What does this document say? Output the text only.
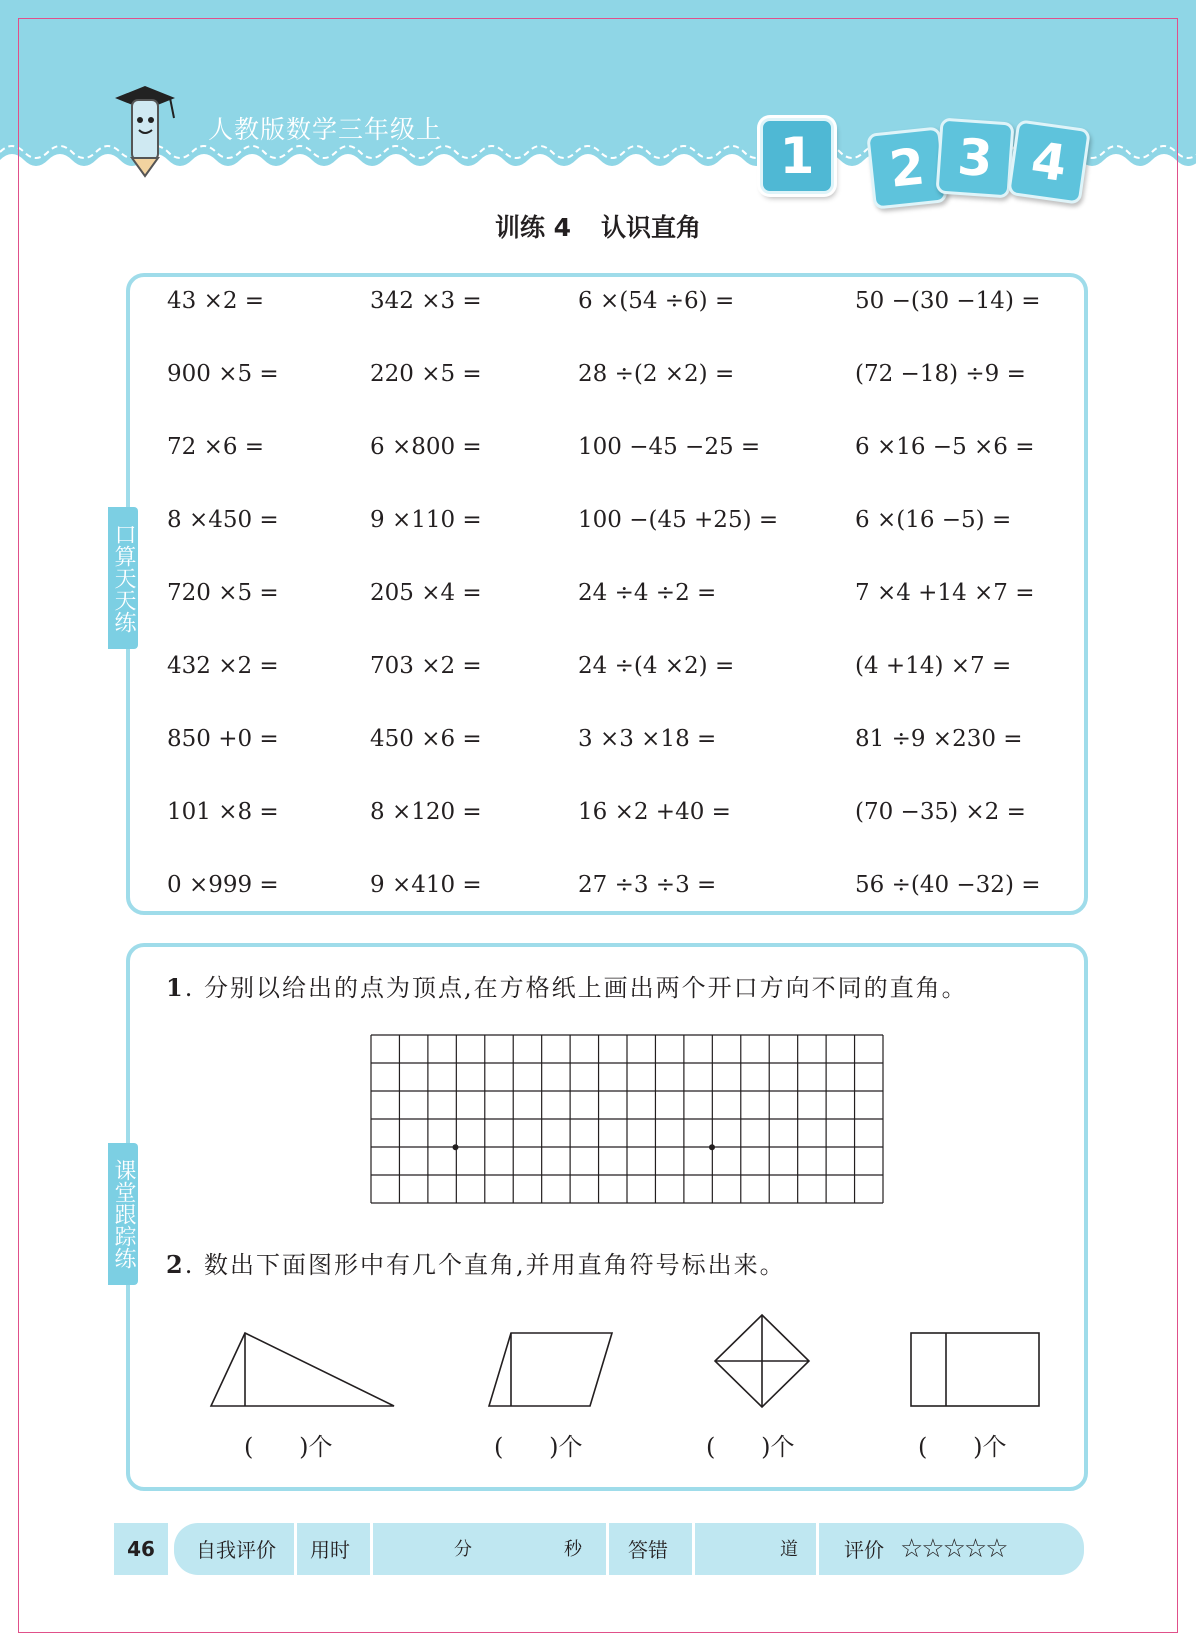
人教版数学三年级上	1	2 3 4
训练 4 认识直角
口算天天练
43 ×2 =	342 ×3 =	6 ×(54 ÷6) =	50 −(30 −14) =
900 ×5 =	220 ×5 =	28 ÷(2 ×2) =	(72 −18) ÷9 =
72 ×6 =	6 ×800 =	100 −45 −25 =	6 ×16 −5 ×6 =
8 ×450 =	9 ×110 =	100 −(45 +25) =	6 ×(16 −5) =
720 ×5 =	205 ×4 =	24 ÷4 ÷2 =	7 ×4 +14 ×7 =
432 ×2 =	703 ×2 =	24 ÷(4 ×2) =	(4 +14) ×7 =
850 +0 =	450 ×6 =	3 ×3 ×18 =	81 ÷9 ×230 =
101 ×8 =	8 ×120 =	16 ×2 +40 =	(70 −35) ×2 =
0 ×999 =	9 ×410 =	27 ÷3 ÷3 =	56 ÷(40 −32) =
课堂跟踪练
1. 分别以给出的点为顶点,在方格纸上画出两个开口方向不同的直角。
2. 数出下面图形中有几个直角,并用直角符号标出来。
(      )个	(      )个	(      )个	(      )个
46	自我评价 用时	分	秒 答错	道 评价 ☆☆☆☆☆
